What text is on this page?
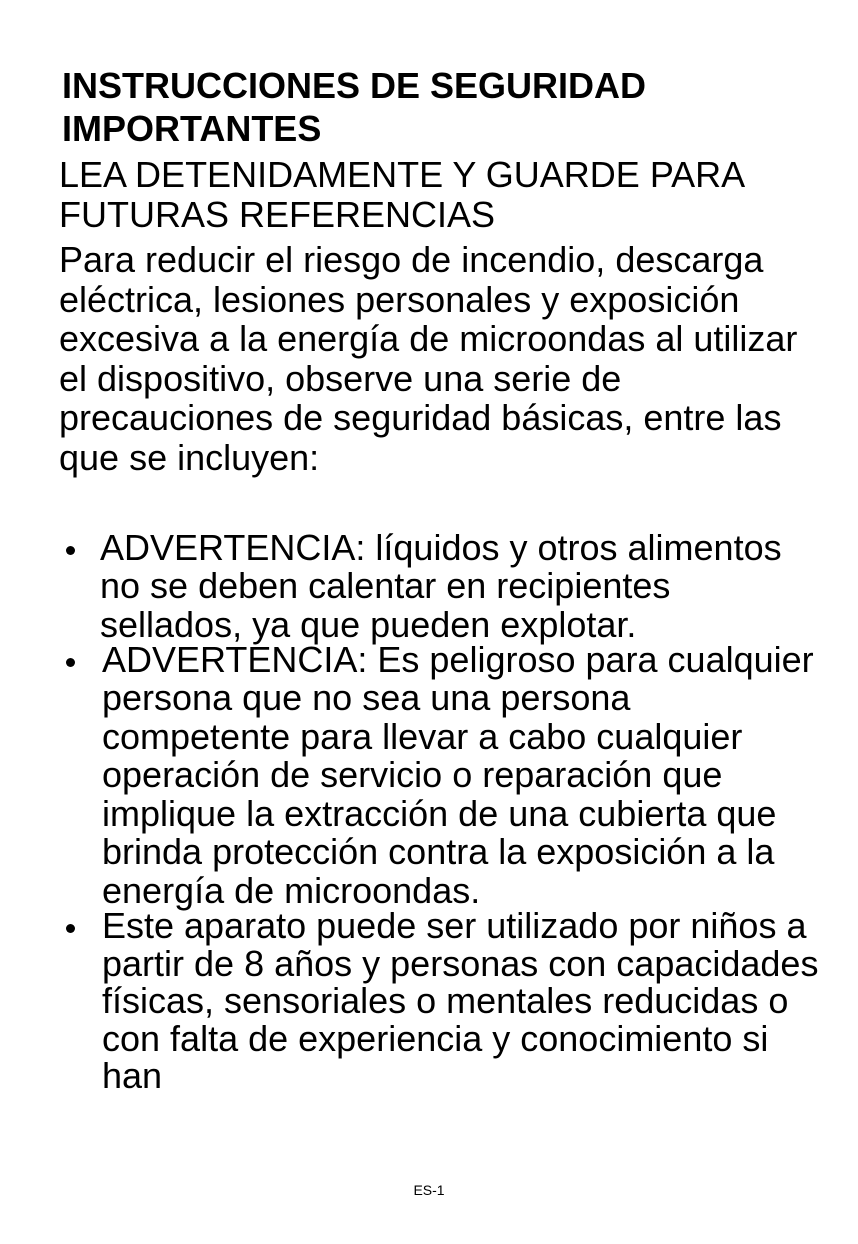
INSTRUCCIONES DE SEGURIDAD IMPORTANTES

LEA DETENIDAMENTE Y GUARDE PARA FUTURAS REFERENCIAS

Para reducir el riesgo de incendio, descarga eléctrica, lesiones personales y exposición excesiva a la energía de microondas al utilizar el dispositivo, observe una serie de precauciones de seguridad básicas, entre las que se incluyen:

ADVERTENCIA: líquidos y otros alimentos no se deben calentar en recipientes sellados, ya que pueden explotar.
ADVERTENCIA: Es peligroso para cualquier persona que no sea una persona competente para llevar a cabo cualquier operación de servicio o reparación que implique la extracción de una cubierta que brinda protección contra la exposición a la energía de microondas.
Este aparato puede ser utilizado por niños a partir de 8 años y personas con capacidades físicas, sensoriales o mentales reducidas o con falta de experiencia y conocimiento si han

ES-1
